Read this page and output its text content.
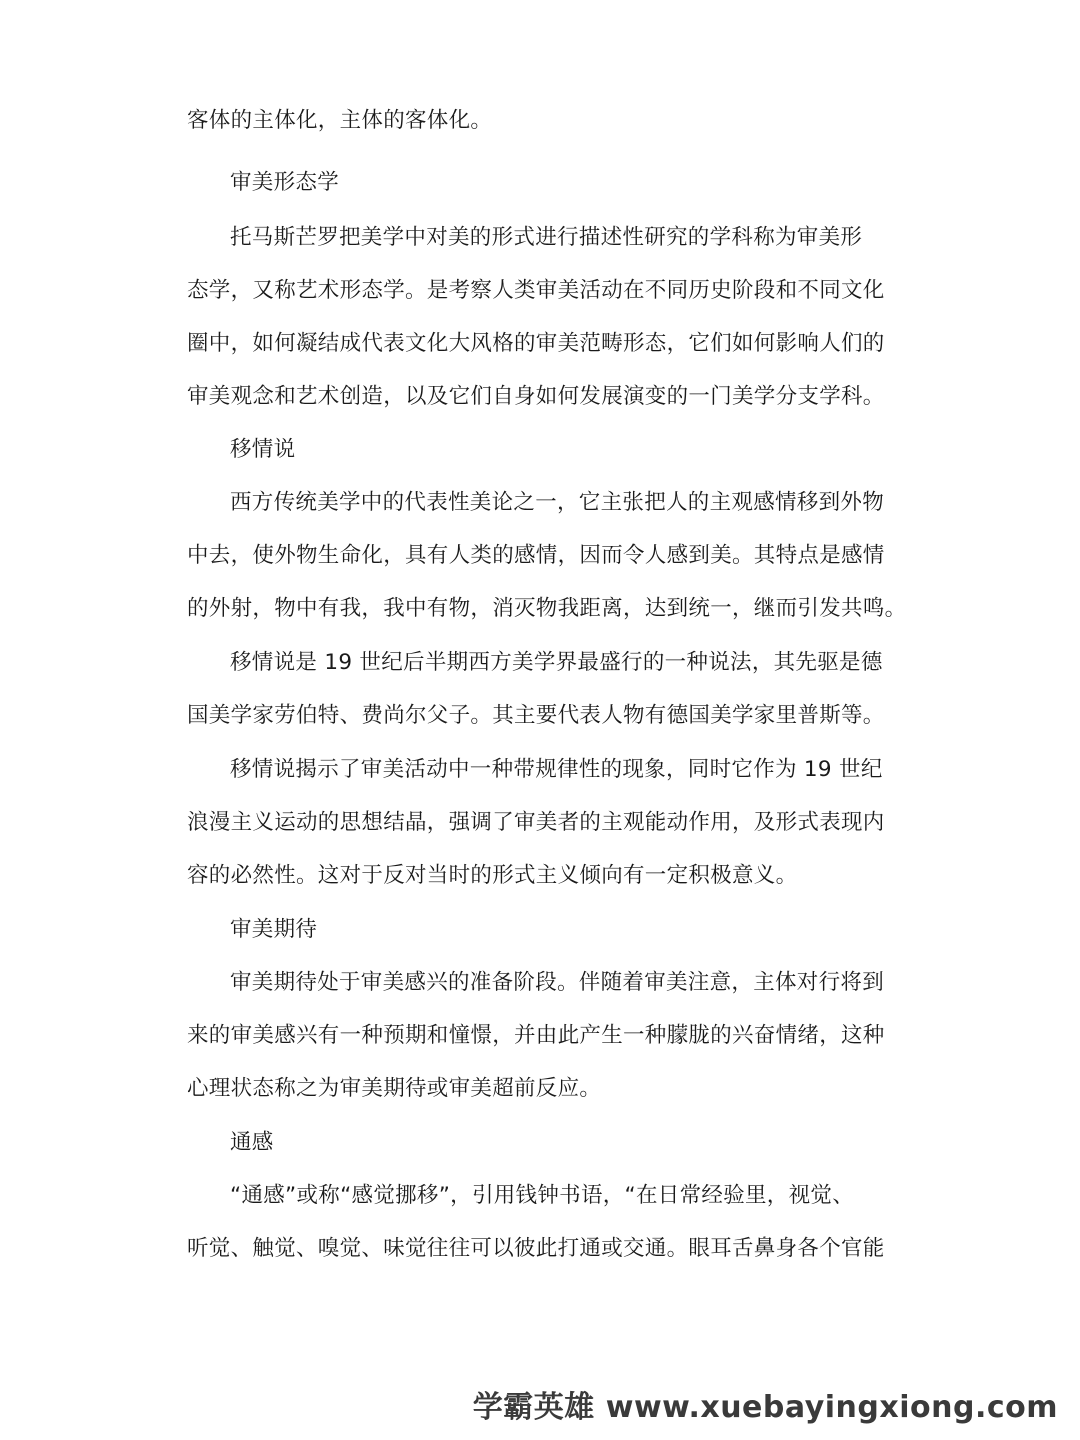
客体的主体化，主体的客体化。

审美形态学

托马斯芒罗把美学中对美的形式进行描述性研究的学科称为审美形

态学，又称艺术形态学。是考察人类审美活动在不同历史阶段和不同文化

圈中，如何凝结成代表文化大风格的审美范畴形态，它们如何影响人们的

审美观念和艺术创造，以及它们自身如何发展演变的一门美学分支学科。

移情说

西方传统美学中的代表性美论之一，它主张把人的主观感情移到外物

中去，使外物生命化，具有人类的感情，因而令人感到美。其特点是感情

的外射，物中有我，我中有物，消灭物我距离，达到统一，继而引发共鸣。

移情说是 19 世纪后半期西方美学界最盛行的一种说法，其先驱是德

国美学家劳伯特、费尚尔父子。其主要代表人物有德国美学家里普斯等。

移情说揭示了审美活动中一种带规律性的现象，同时它作为 19 世纪

浪漫主义运动的思想结晶，强调了审美者的主观能动作用，及形式表现内

容的必然性。这对于反对当时的形式主义倾向有一定积极意义。

审美期待

审美期待处于审美感兴的准备阶段。伴随着审美注意，主体对行将到

来的审美感兴有一种预期和憧憬，并由此产生一种朦胧的兴奋情绪，这种

心理状态称之为审美期待或审美超前反应。

通感

“通感”或称“感觉挪移”，引用钱钟书语，“在日常经验里，视觉、

听觉、触觉、嗅觉、味觉往往可以彼此打通或交通。眼耳舌鼻身各个官能

学霸英雄 www.xuebayingxiong.com
